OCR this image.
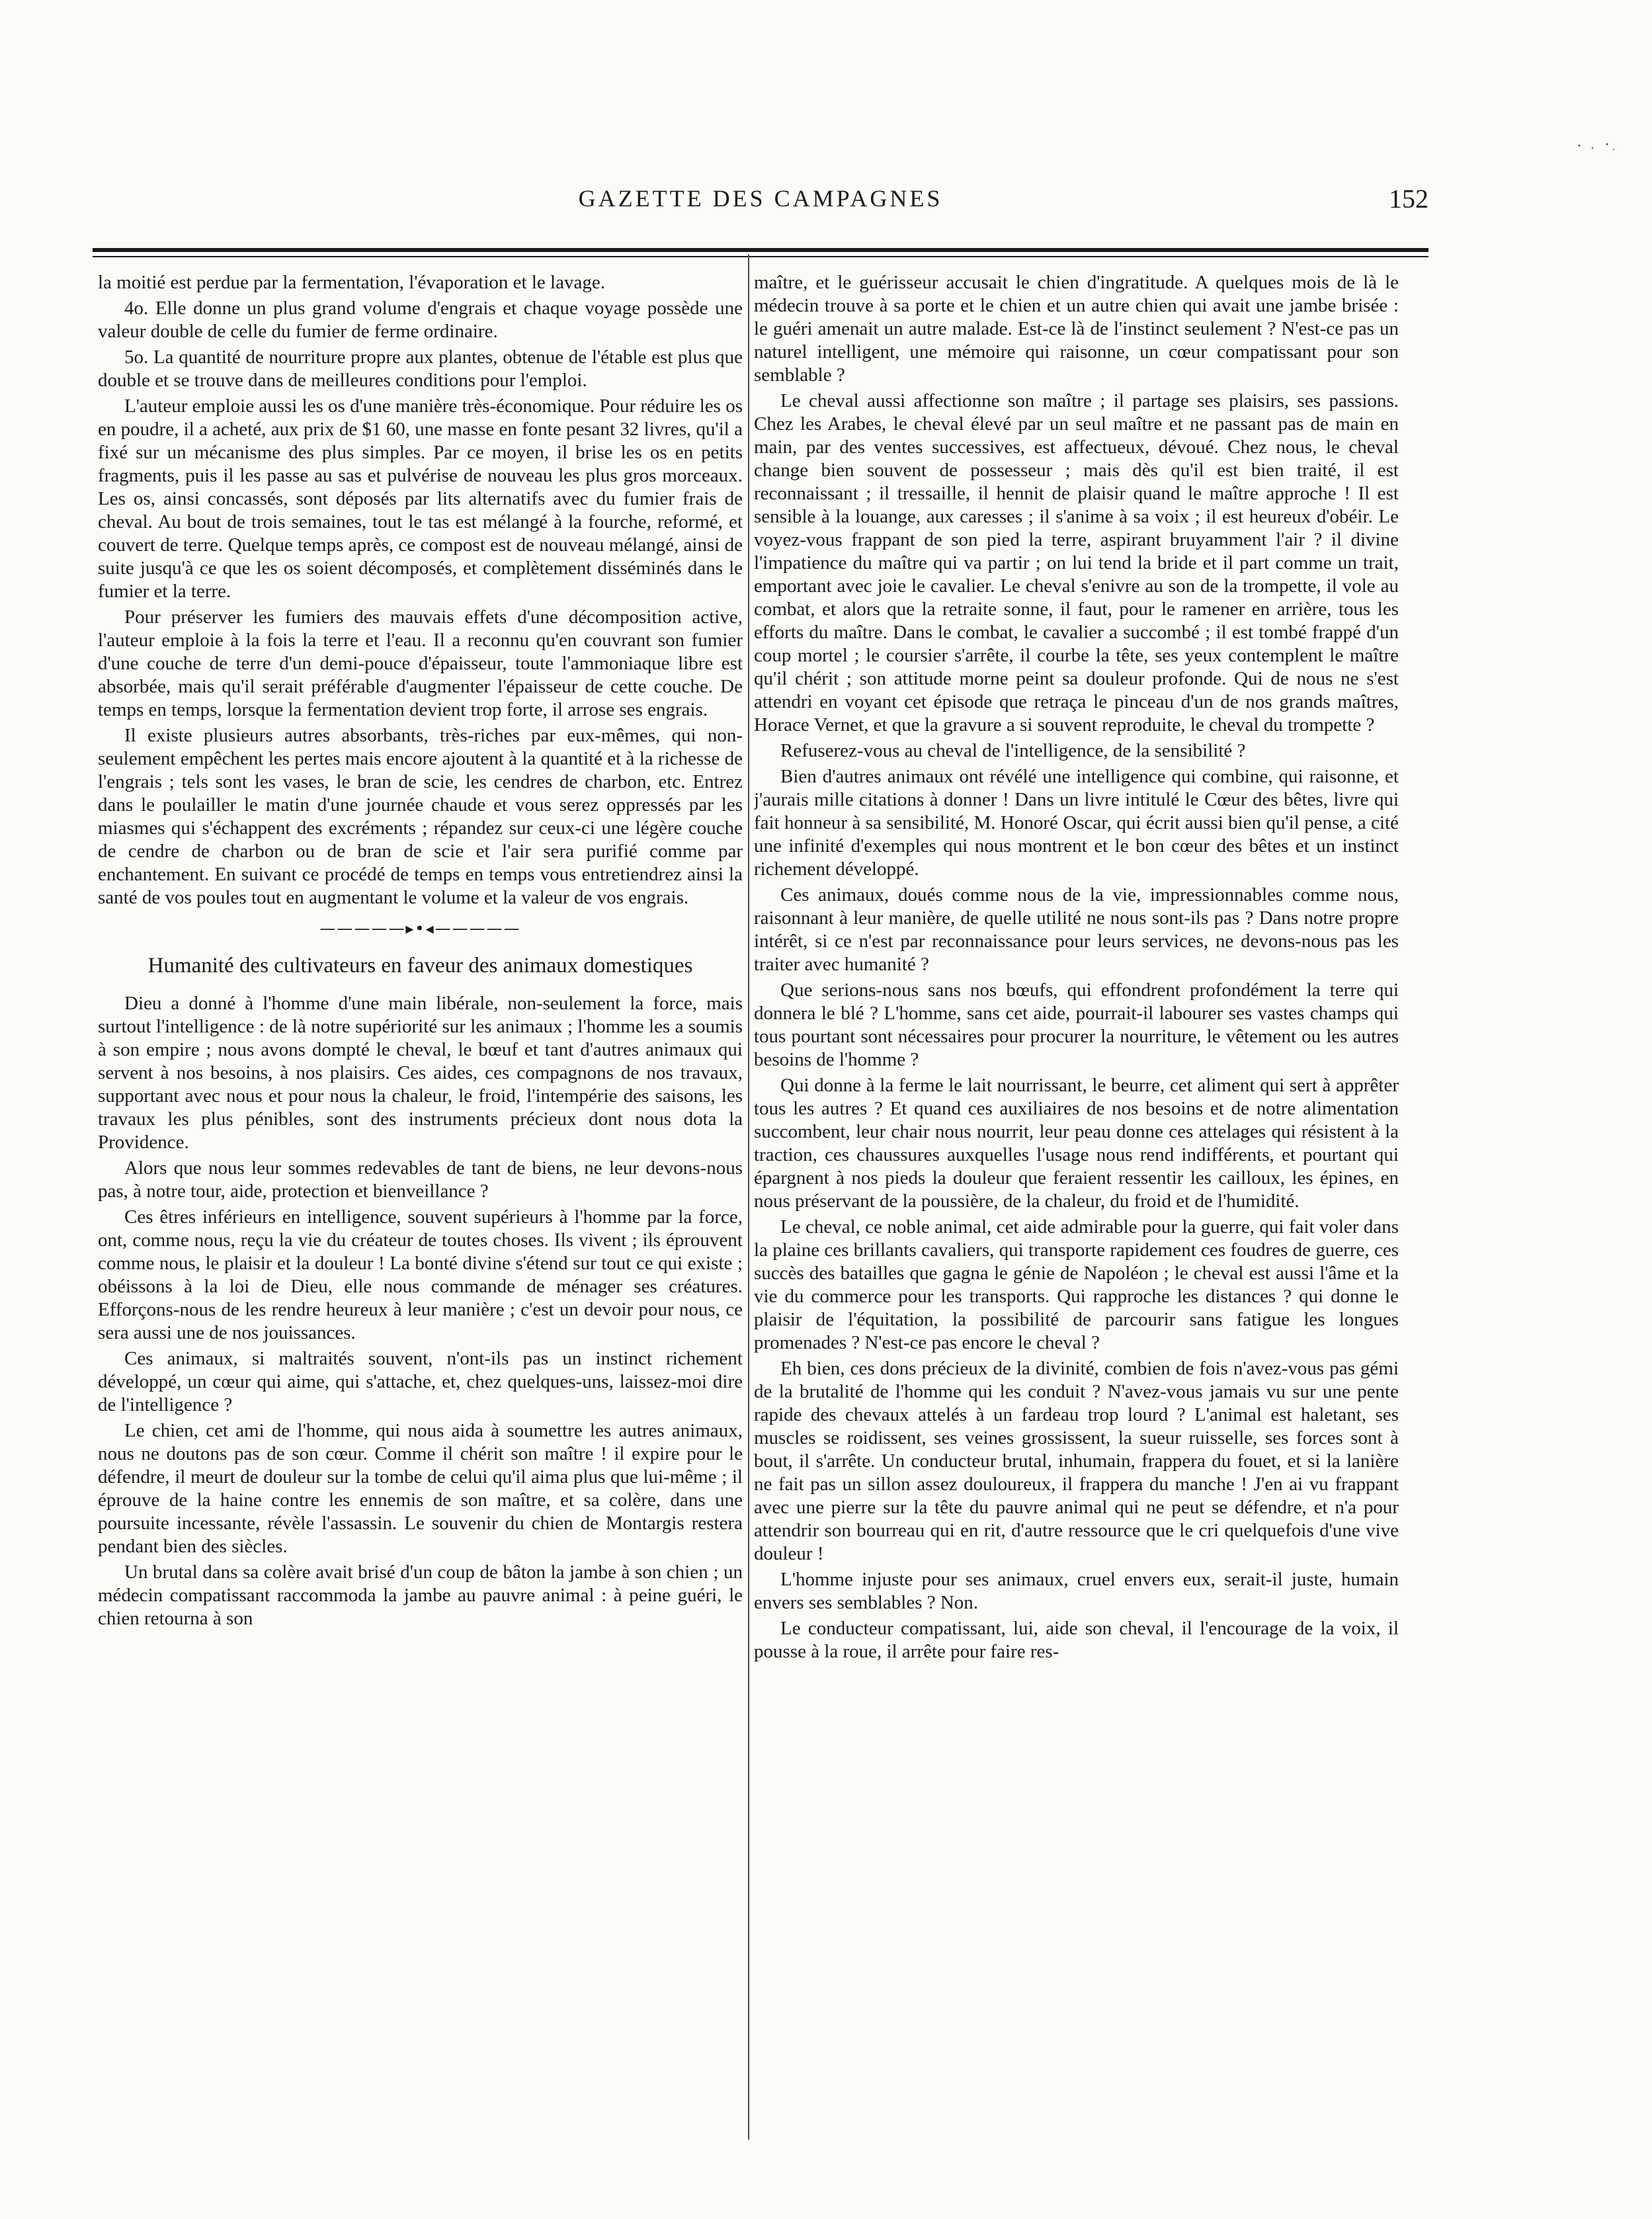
GAZETTE DES CAMPAGNES	152

la moitié est perdue par la fermentation, l'évaporation et le lavage.

4o. Elle donne un plus grand volume d'engrais et chaque voyage possède une valeur double de celle du fumier de ferme ordinaire.

5o. La quantité de nourriture propre aux plantes, obtenue de l'étable est plus que double et se trouve dans de meilleures conditions pour l'emploi.

L'auteur emploie aussi les os d'une manière très-économique. Pour réduire les os en poudre, il a acheté, aux prix de $1 60, une masse en fonte pesant 32 livres, qu'il a fixé sur un mécanisme des plus simples. Par ce moyen, il brise les os en petits fragments, puis il les passe au sas et pulvérise de nouveau les plus gros morceaux. Les os, ainsi concassés, sont déposés par lits alternatifs avec du fumier frais de cheval. Au bout de trois semaines, tout le tas est mélangé à la fourche, reformé, et couvert de terre. Quelque temps après, ce compost est de nouveau mélangé, ainsi de suite jusqu'à ce que les os soient décomposés, et complètement disséminés dans le fumier et la terre.

Pour préserver les fumiers des mauvais effets d'une décomposition active, l'auteur emploie à la fois la terre et l'eau. Il a reconnu qu'en couvrant son fumier d'une couche de terre d'un demi-pouce d'épaisseur, toute l'ammoniaque libre est absorbée, mais qu'il serait préférable d'augmenter l'épaisseur de cette couche. De temps en temps, lorsque la fermentation devient trop forte, il arrose ses engrais.

Il existe plusieurs autres absorbants, très-riches par eux-mêmes, qui non-seulement empêchent les pertes mais encore ajoutent à la quantité et à la richesse de l'engrais ; tels sont les vases, le bran de scie, les cendres de charbon, etc. Entrez dans le poulailler le matin d'une journée chaude et vous serez oppressés par les miasmes qui s'échappent des excréments ; répandez sur ceux-ci une légère couche de cendre de charbon ou de bran de scie et l'air sera purifié comme par enchantement. En suivant ce procédé de temps en temps vous entretiendrez ainsi la santé de vos poules tout en augmentant le volume et la valeur de vos engrais.

—————▸•◂—————
Humanité des cultivateurs en faveur des animaux domestiques

Dieu a donné à l'homme d'une main libérale, non-seulement la force, mais surtout l'intelligence : de là notre supériorité sur les animaux ; l'homme les a soumis à son empire ; nous avons dompté le cheval, le bœuf et tant d'autres animaux qui servent à nos besoins, à nos plaisirs. Ces aides, ces compagnons de nos travaux, supportant avec nous et pour nous la chaleur, le froid, l'intempérie des saisons, les travaux les plus pénibles, sont des instruments précieux dont nous dota la Providence.

Alors que nous leur sommes redevables de tant de biens, ne leur devons-nous pas, à notre tour, aide, protection et bienveillance ?

Ces êtres inférieurs en intelligence, souvent supérieurs à l'homme par la force, ont, comme nous, reçu la vie du créateur de toutes choses. Ils vivent ; ils éprouvent comme nous, le plaisir et la douleur ! La bonté divine s'étend sur tout ce qui existe ; obéissons à la loi de Dieu, elle nous commande de ménager ses créatures. Efforçons-nous de les rendre heureux à leur manière ; c'est un devoir pour nous, ce sera aussi une de nos jouissances.

Ces animaux, si maltraités souvent, n'ont-ils pas un instinct richement développé, un cœur qui aime, qui s'attache, et, chez quelques-uns, laissez-moi dire de l'intelligence ?

Le chien, cet ami de l'homme, qui nous aida à soumettre les autres animaux, nous ne doutons pas de son cœur. Comme il chérit son maître ! il expire pour le défendre, il meurt de douleur sur la tombe de celui qu'il aima plus que lui-même ; il éprouve de la haine contre les ennemis de son maître, et sa colère, dans une poursuite incessante, révèle l'assassin. Le souvenir du chien de Montargis restera pendant bien des siècles.

Un brutal dans sa colère avait brisé d'un coup de bâton la jambe à son chien ; un médecin compatissant raccommoda la jambe au pauvre animal : à peine guéri, le chien retourna à son

maître, et le guérisseur accusait le chien d'ingratitude. A quelques mois de là le médecin trouve à sa porte et le chien et un autre chien qui avait une jambe brisée : le guéri amenait un autre malade. Est-ce là de l'instinct seulement ? N'est-ce pas un naturel intelligent, une mémoire qui raisonne, un cœur compatissant pour son semblable ?

Le cheval aussi affectionne son maître ; il partage ses plaisirs, ses passions. Chez les Arabes, le cheval élevé par un seul maître et ne passant pas de main en main, par des ventes successives, est affectueux, dévoué. Chez nous, le cheval change bien souvent de possesseur ; mais dès qu'il est bien traité, il est reconnaissant ; il tressaille, il hennit de plaisir quand le maître approche ! Il est sensible à la louange, aux caresses ; il s'anime à sa voix ; il est heureux d'obéir. Le voyez-vous frappant de son pied la terre, aspirant bruyamment l'air ? il divine l'impatience du maître qui va partir ; on lui tend la bride et il part comme un trait, emportant avec joie le cavalier. Le cheval s'enivre au son de la trompette, il vole au combat, et alors que la retraite sonne, il faut, pour le ramener en arrière, tous les efforts du maître. Dans le combat, le cavalier a succombé ; il est tombé frappé d'un coup mortel ; le coursier s'arrête, il courbe la tête, ses yeux contemplent le maître qu'il chérit ; son attitude morne peint sa douleur profonde. Qui de nous ne s'est attendri en voyant cet épisode que retraça le pinceau d'un de nos grands maîtres, Horace Vernet, et que la gravure a si souvent reproduite, le cheval du trompette ?

Refuserez-vous au cheval de l'intelligence, de la sensibilité ?

Bien d'autres animaux ont révélé une intelligence qui combine, qui raisonne, et j'aurais mille citations à donner ! Dans un livre intitulé le Cœur des bêtes, livre qui fait honneur à sa sensibilité, M. Honoré Oscar, qui écrit aussi bien qu'il pense, a cité une infinité d'exemples qui nous montrent et le bon cœur des bêtes et un instinct richement développé.

Ces animaux, doués comme nous de la vie, impressionnables comme nous, raisonnant à leur manière, de quelle utilité ne nous sont-ils pas ? Dans notre propre intérêt, si ce n'est par reconnaissance pour leurs services, ne devons-nous pas les traiter avec humanité ?

Que serions-nous sans nos bœufs, qui effondrent profondément la terre qui donnera le blé ? L'homme, sans cet aide, pourrait-il labourer ses vastes champs qui tous pourtant sont nécessaires pour procurer la nourriture, le vêtement ou les autres besoins de l'homme ?

Qui donne à la ferme le lait nourrissant, le beurre, cet aliment qui sert à apprêter tous les autres ? Et quand ces auxiliaires de nos besoins et de notre alimentation succombent, leur chair nous nourrit, leur peau donne ces attelages qui résistent à la traction, ces chaussures auxquelles l'usage nous rend indifférents, et pourtant qui épargnent à nos pieds la douleur que feraient ressentir les cailloux, les épines, en nous préservant de la poussière, de la chaleur, du froid et de l'humidité.

Le cheval, ce noble animal, cet aide admirable pour la guerre, qui fait voler dans la plaine ces brillants cavaliers, qui transporte rapidement ces foudres de guerre, ces succès des batailles que gagna le génie de Napoléon ; le cheval est aussi l'âme et la vie du commerce pour les transports. Qui rapproche les distances ? qui donne le plaisir de l'équitation, la possibilité de parcourir sans fatigue les longues promenades ? N'est-ce pas encore le cheval ?

Eh bien, ces dons précieux de la divinité, combien de fois n'avez-vous pas gémi de la brutalité de l'homme qui les conduit ? N'avez-vous jamais vu sur une pente rapide des chevaux attelés à un fardeau trop lourd ? L'animal est haletant, ses muscles se roidissent, ses veines grossissent, la sueur ruisselle, ses forces sont à bout, il s'arrête. Un conducteur brutal, inhumain, frappera du fouet, et si la lanière ne fait pas un sillon assez douloureux, il frappera du manche ! J'en ai vu frappant avec une pierre sur la tête du pauvre animal qui ne peut se défendre, et n'a pour attendrir son bourreau qui en rit, d'autre ressource que le cri quelquefois d'une vive douleur !

L'homme injuste pour ses animaux, cruel envers eux, serait-il juste, humain envers ses semblables ? Non.

Le conducteur compatissant, lui, aide son cheval, il l'encourage de la voix, il pousse à la roue, il arrête pour faire res-
